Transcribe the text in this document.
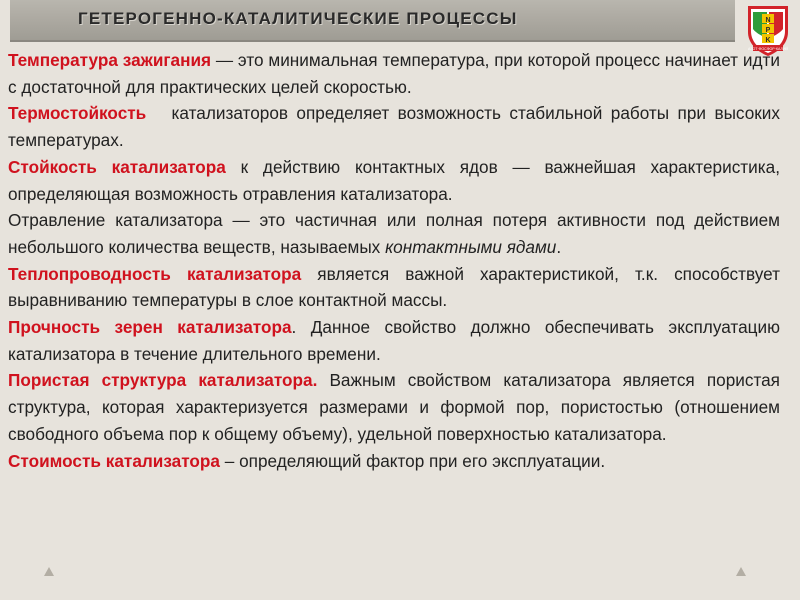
ГЕТЕРОГЕННО-КАТАЛИТИЧЕСКИЕ ПРОЦЕССЫ	N
P
K
АЗОТ·ФОСФОР·КАЛИЙ

Температура зажигания — это минимальная температура, при которой процесс начинает идти с достаточной для практических целей скоростью.

Термостойкость   катализаторов определяет возможность стабильной работы при высоких температурах.

Стойкость катализатора к действию контактных ядов — важнейшая характеристика, определяющая возможность отравления катализатора.

Отравление катализатора — это частичная или полная потеря активности под действием небольшого количества веществ, называемых контактными ядами.

Теплопроводность катализатора является важной характеристикой, т.к. способствует выравниванию температуры в слое контактной массы.

Прочность зерен катализатора. Данное свойство должно обеспечивать эксплуатацию катализатора в течение длительного времени.

Пористая структура катализатора. Важным свойством катализатора является пористая структура, которая характеризуется размерами и формой пор, пористостью (отношением свободного объема пор к общему объему), удельной поверхностью катализатора.

Стоимость катализатора – определяющий фактор при его эксплуатации.
